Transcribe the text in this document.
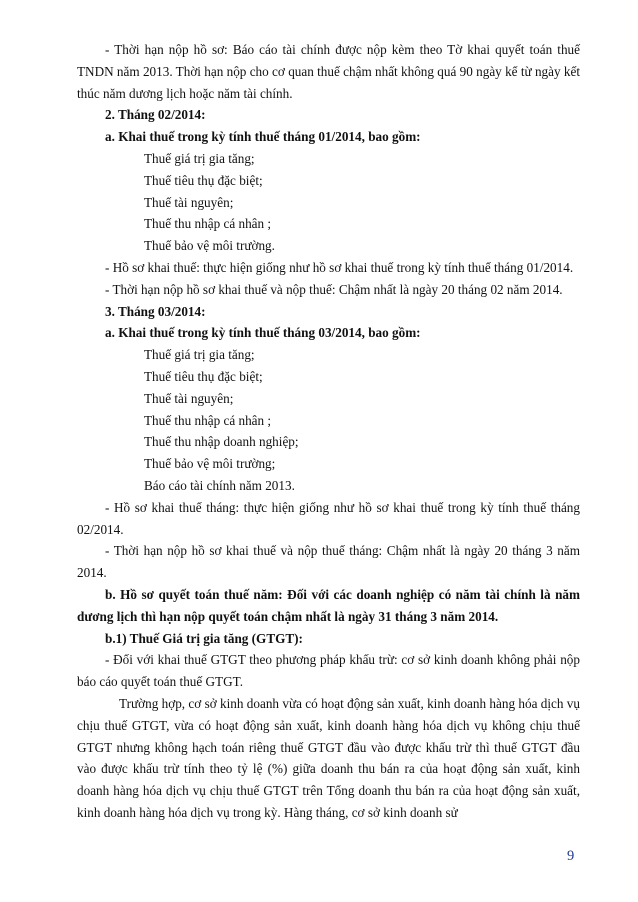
- Thời hạn nộp hồ sơ: Báo cáo tài chính được nộp kèm theo Tờ khai quyết toán thuế TNDN năm 2013. Thời hạn nộp cho cơ quan thuế chậm nhất không quá 90 ngày kể từ ngày kết thúc năm dương lịch hoặc năm tài chính.

2. Tháng 02/2014:

a. Khai thuế trong kỳ tính thuế tháng 01/2014, bao gồm:

Thuế giá trị gia tăng;

Thuế tiêu thụ đặc biệt;

Thuế tài nguyên;

Thuế thu nhập cá nhân ;

Thuế bảo vệ môi trường.

- Hồ sơ khai thuế: thực hiện giống như hồ sơ khai thuế trong kỳ tính thuế tháng 01/2014.

- Thời hạn nộp hồ sơ khai thuế và nộp thuế: Chậm nhất là ngày 20 tháng 02 năm 2014.

3. Tháng 03/2014:

a. Khai thuế trong kỳ tính thuế tháng 03/2014, bao gồm:

Thuế giá trị gia tăng;

Thuế tiêu thụ đặc biệt;

Thuế tài nguyên;

Thuế thu nhập cá nhân ;

Thuế thu nhập doanh nghiệp;

Thuế bảo vệ môi trường;

Báo cáo tài chính năm 2013.

- Hồ sơ khai thuế tháng: thực hiện giống như hồ sơ khai thuế trong kỳ tính thuế tháng 02/2014.

- Thời hạn nộp hồ sơ khai thuế và nộp thuế tháng: Chậm nhất là ngày 20 tháng 3 năm 2014.

b. Hồ sơ quyết toán thuế năm: Đối với các doanh nghiệp có năm tài chính là năm dương lịch thì hạn nộp quyết toán chậm nhất là ngày 31 tháng 3 năm 2014.

b.1) Thuế Giá trị gia tăng (GTGT):

- Đối với khai thuế GTGT theo phương pháp khấu trừ: cơ sở kinh doanh không phải nộp báo cáo quyết toán thuế GTGT.

Trường hợp, cơ sở kinh doanh vừa có hoạt động sản xuất, kinh doanh hàng hóa dịch vụ chịu thuế GTGT, vừa có hoạt động sản xuất, kinh doanh hàng hóa dịch vụ không chịu thuế GTGT nhưng không hạch toán riêng thuế GTGT đầu vào được khấu trừ thì thuế GTGT đầu vào được khấu trừ tính theo tỷ lệ (%) giữa doanh thu bán ra của hoạt động sản xuất, kinh doanh hàng hóa dịch vụ chịu thuế GTGT trên Tổng doanh thu bán ra của hoạt động sản xuất, kinh doanh hàng hóa dịch vụ trong kỳ. Hàng tháng, cơ sở kinh doanh sử

9
